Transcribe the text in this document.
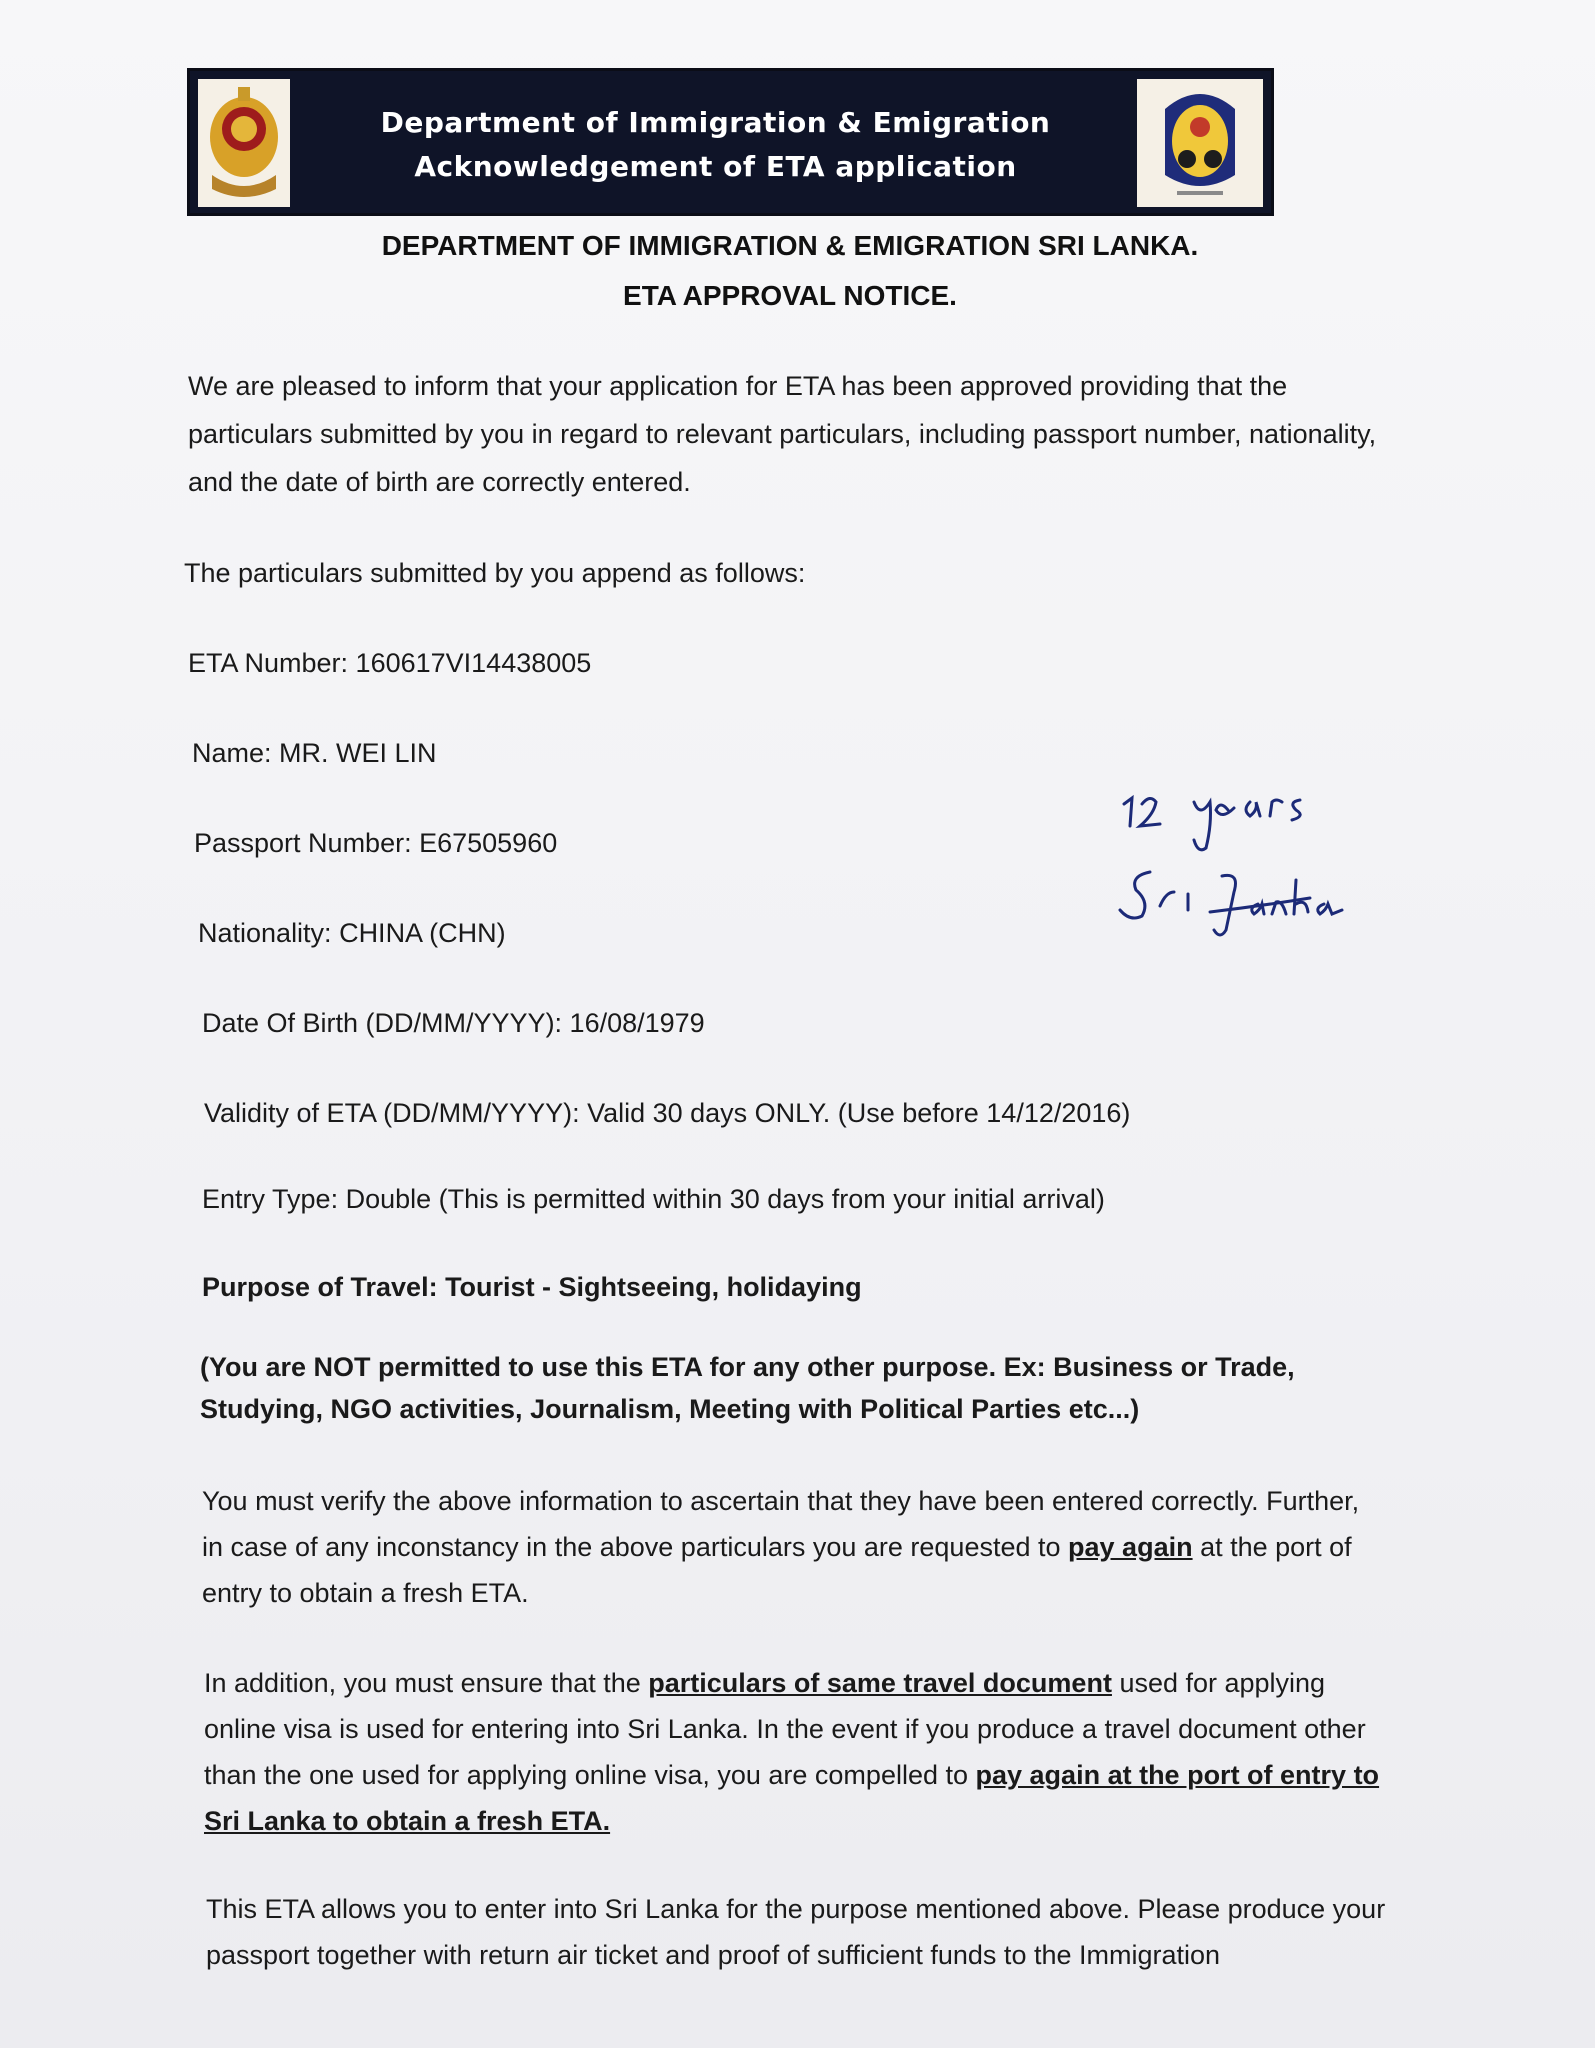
Department of Immigration & Emigration
Acknowledgement of ETA application
DEPARTMENT OF IMMIGRATION & EMIGRATION SRI LANKA.
ETA APPROVAL NOTICE.
We are pleased to inform that your application for ETA has been approved providing that the particulars submitted by you in regard to relevant particulars, including passport number, nationality, and the date of birth are correctly entered.
The particulars submitted by you append as follows:
ETA Number: 160617VI14438005
Name: MR. WEI LIN
Passport Number: E67505960
Nationality: CHINA (CHN)
Date Of Birth (DD/MM/YYYY): 16/08/1979
Validity of ETA (DD/MM/YYYY): Valid 30 days ONLY. (Use before 14/12/2016)
Entry Type: Double (This is permitted within 30 days from your initial arrival)
Purpose of Travel: Tourist - Sightseeing, holidaying
(You are NOT permitted to use this ETA for any other purpose. Ex: Business or Trade, Studying, NGO activities, Journalism, Meeting with Political Parties etc...)
You must verify the above information to ascertain that they have been entered correctly. Further, in case of any inconstancy in the above particulars you are requested to pay again at the port of entry to obtain a fresh ETA.
In addition, you must ensure that the particulars of same travel document used for applying online visa is used for entering into Sri Lanka. In the event if you produce a travel document other than the one used for applying online visa, you are compelled to pay again at the port of entry to Sri Lanka to obtain a fresh ETA.
This ETA allows you to enter into Sri Lanka for the purpose mentioned above. Please produce your passport together with return air ticket and proof of sufficient funds to the Immigration
